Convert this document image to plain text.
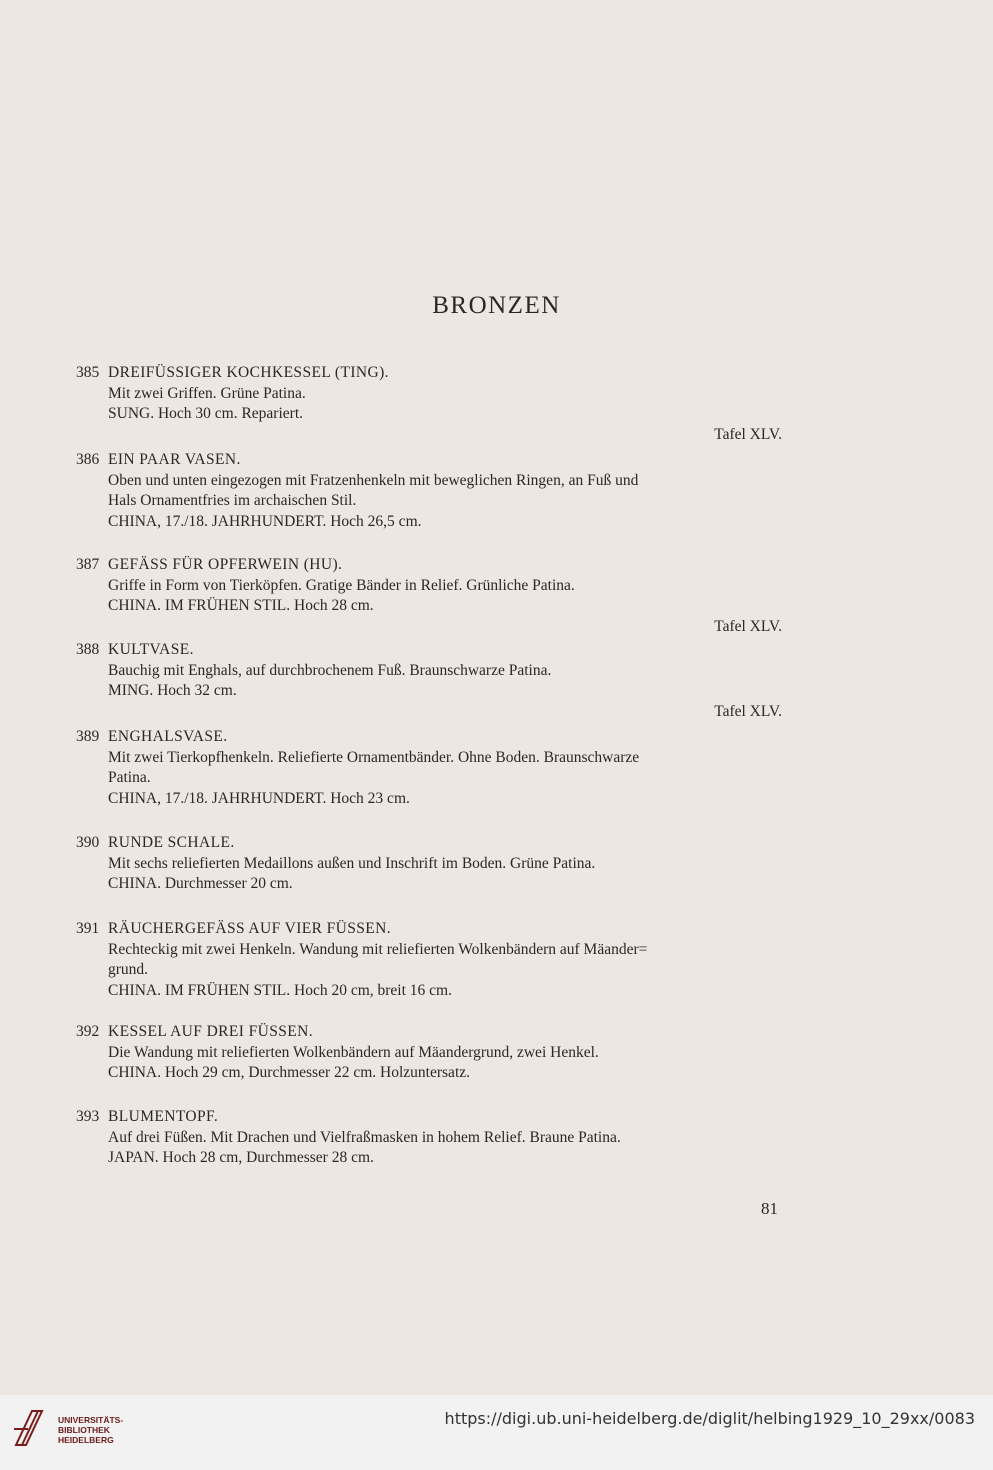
BRONZEN
385 DREIFÜSSIGER KOCHKESSEL (TING).
Mit zwei Griffen. Grüne Patina.
SUNG. Hoch 30 cm. Repariert.
Tafel XLV.
386 EIN PAAR VASEN.
Oben und unten eingezogen mit Fratzenhenkeln mit beweglichen Ringen, an Fuß und
Hals Ornamentfries im archaischen Stil.
CHINA, 17./18. JAHRHUNDERT. Hoch 26,5 cm.
387 GEFÄSS FÜR OPFERWEIN (HU).
Griffe in Form von Tierköpfen. Gratige Bänder in Relief. Grünliche Patina.
CHINA. IM FRÜHEN STIL. Hoch 28 cm.
Tafel XLV.
388 KULTVASE.
Bauchig mit Enghals, auf durchbrochenem Fuß. Braunschwarze Patina.
MING. Hoch 32 cm.
Tafel XLV.
389 ENGHALSVASE.
Mit zwei Tierkopfhenkeln. Reliefierte Ornamentbänder. Ohne Boden. Braunschwarze
Patina.
CHINA, 17./18. JAHRHUNDERT. Hoch 23 cm.
390 RUNDE SCHALE.
Mit sechs reliefierten Medaillons außen und Inschrift im Boden. Grüne Patina.
CHINA. Durchmesser 20 cm.
391 RÄUCHERGEFÄSS AUF VIER FÜSSEN.
Rechteckig mit zwei Henkeln. Wandung mit reliefierten Wolkenbändern auf Mäander=
grund.
CHINA. IM FRÜHEN STIL. Hoch 20 cm, breit 16 cm.
392 KESSEL AUF DREI FÜSSEN.
Die Wandung mit reliefierten Wolkenbändern auf Mäandergrund, zwei Henkel.
CHINA. Hoch 29 cm, Durchmesser 22 cm. Holzuntersatz.
393 BLUMENTOPF.
Auf drei Füßen. Mit Drachen und Vielfraßmasken in hohem Relief. Braune Patina.
JAPAN. Hoch 28 cm, Durchmesser 28 cm.
81
UNIVERSITÄTS-
BIBLIOTHEK
HEIDELBERG
https://digi.ub.uni-heidelberg.de/diglit/helbing1929_10_29xx/0083
